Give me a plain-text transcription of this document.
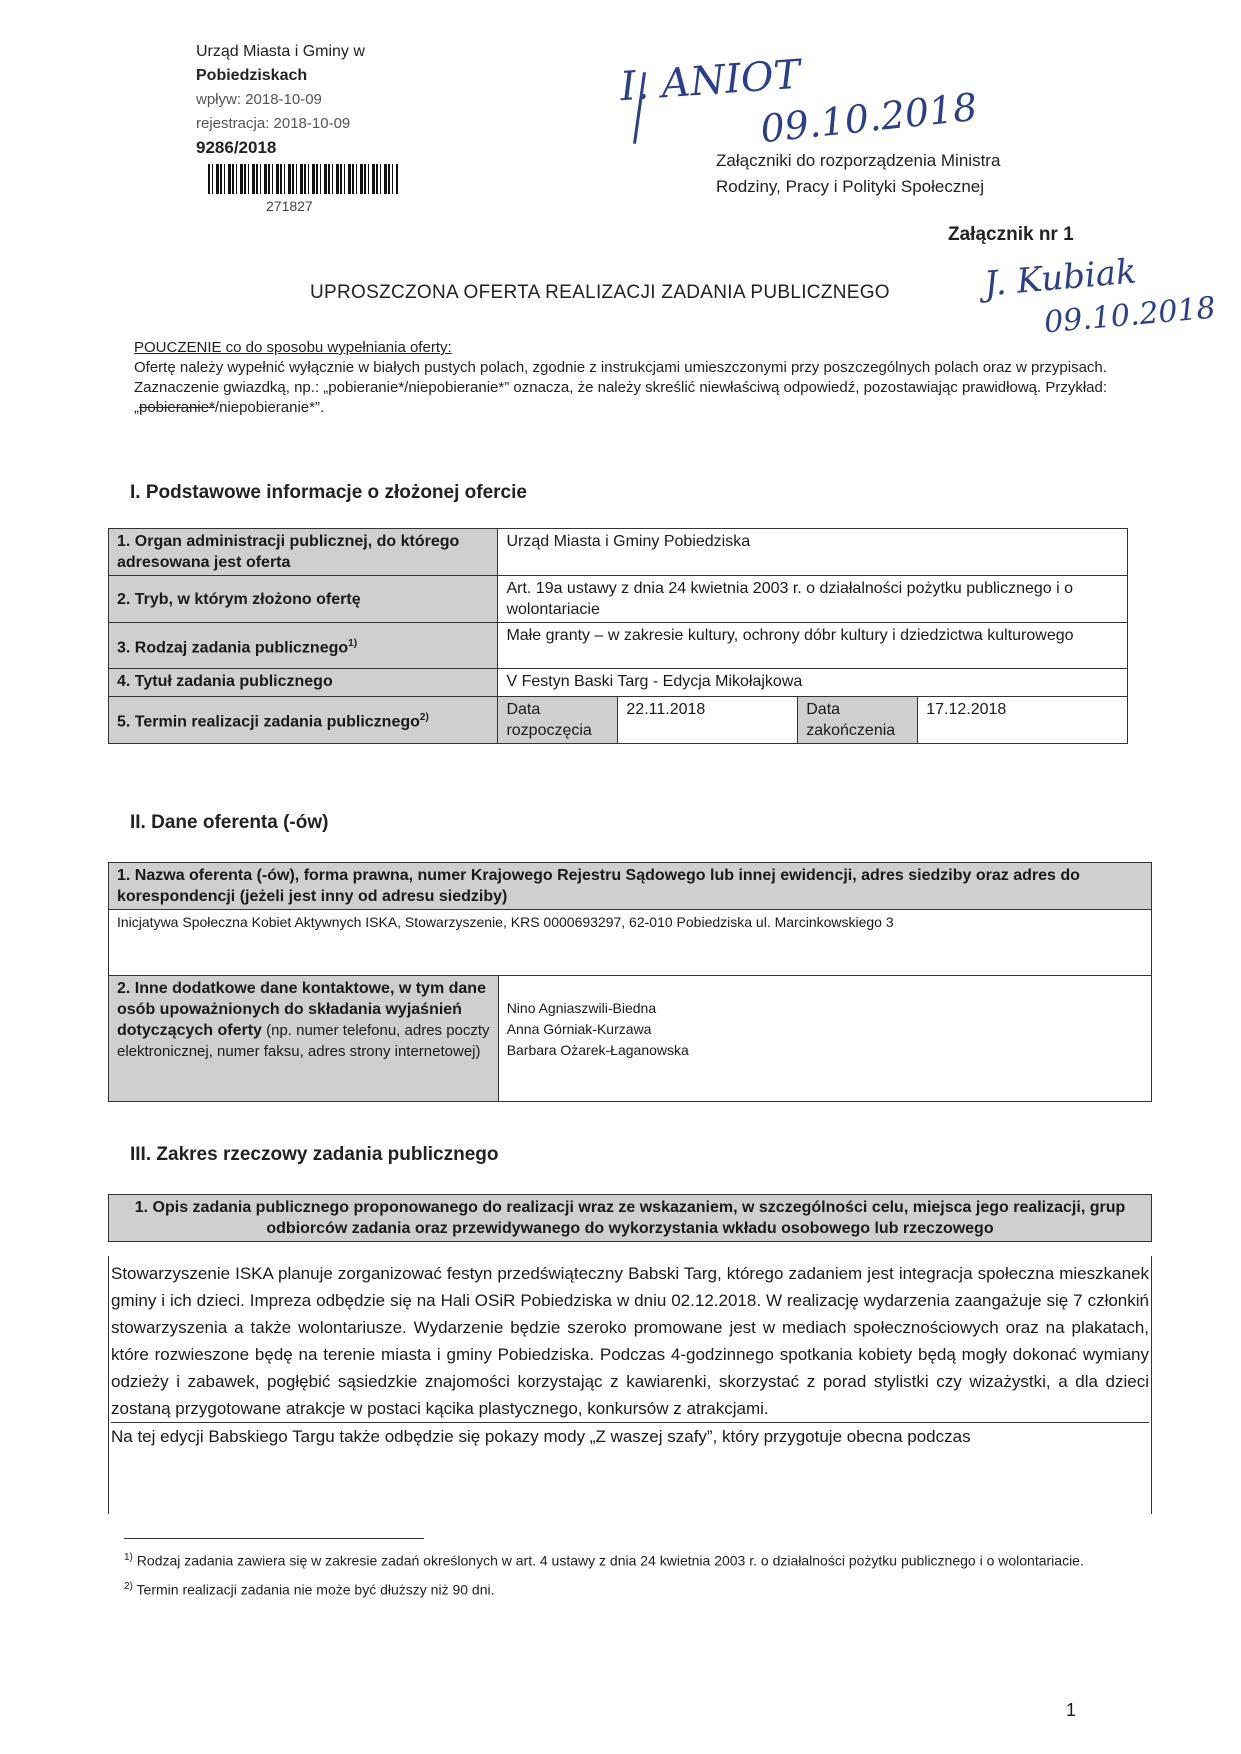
Urząd Miasta i Gminy w
Pobiedziskach
wpływ: 2018-10-09
rejestracja: 2018-10-09
9286/2018
271827
I. ANIOT
09.10.2018
J. Kubiak
09.10.2018
Załączniki do rozporządzenia Ministra
Rodziny, Pracy i Polityki Społecznej
Załącznik nr 1
UPROSZCZONA OFERTA REALIZACJI ZADANIA PUBLICZNEGO
POUCZENIE co do sposobu wypełniania oferty:
Ofertę należy wypełnić wyłącznie w białych pustych polach, zgodnie z instrukcjami umieszczonymi przy poszczególnych polach oraz w przypisach.
Zaznaczenie gwiazdką, np.: „pobieranie*/niepobieranie*” oznacza, że należy skreślić niewłaściwą odpowiedź, pozostawiając prawidłową. Przykład: „pobieranie*/niepobieranie*”.
I. Podstawowe informacje o złożonej ofercie
1. Organ administracji publicznej, do którego adresowana jest oferta	Urząd Miasta i Gminy Pobiedziska			
2. Tryb, w którym złożono ofertę	Art. 19a ustawy z dnia 24 kwietnia 2003 r. o działalności pożytku publicznego i o wolontariacie			
3. Rodzaj zadania publicznego$^{1)}$	Małe granty – w zakresie kultury, ochrony dóbr kultury i dziedzictwa kulturowego			
4. Tytuł zadania publicznego	V Festyn Baski Targ - Edycja Mikołajkowa			
5. Termin realizacji zadania publicznego$^{2)}$	Data rozpoczęcia	22.11.2018	Data zakończenia	17.12.2018
II. Dane oferenta (-ów)
1. Nazwa oferenta (-ów), forma prawna, numer Krajowego Rejestru Sądowego lub innej ewidencji, adres siedziby oraz adres do korespondencji (jeżeli jest inny od adresu siedziby)
Inicjatywa Społeczna Kobiet Aktywnych ISKA, Stowarzyszenie, KRS 0000693297, 62-010 Pobiedziska ul. Marcinkowskiego 3
2. Inne dodatkowe dane kontaktowe, w tym dane osób upoważnionych do składania wyjaśnień dotyczących oferty (np. numer telefonu, adres poczty elektronicznej, numer faksu, adres strony internetowej)	
Nino Agniaszwili-Biedna
Anna Górniak-Kurzawa
Barbara Ożarek-Łaganowska
III. Zakres rzeczowy zadania publicznego
1. Opis zadania publicznego proponowanego do realizacji wraz ze wskazaniem, w szczególności celu, miejsca jego realizacji, grup odbiorców zadania oraz przewidywanego do wykorzystania wkładu osobowego lub rzeczowego
Stowarzyszenie ISKA planuje zorganizować festyn przedświąteczny Babski Targ, którego zadaniem jest integracja społeczna mieszkanek gminy i ich dzieci. Impreza odbędzie się na Hali OSiR Pobiedziska w dniu 02.12.2018. W realizację wydarzenia zaangażuje się 7 członkiń stowarzyszenia a także wolontariusze. Wydarzenie będzie szeroko promowane jest w mediach społecznościowych oraz na plakatach, które rozwieszone będę na terenie miasta i gminy Pobiedziska. Podczas 4-godzinnego spotkania kobiety będą mogły dokonać wymiany odzieży i zabawek, pogłębić sąsiedzkie znajomości korzystając z kawiarenki, skorzystać z porad stylistki czy wizażystki, a dla dzieci zostaną przygotowane atrakcje w postaci kącika plastycznego, konkursów z atrakcjami.
Na tej edycji Babskiego Targu także odbędzie się pokazy mody „Z waszej szafy”, który przygotuje obecna podczas

$^{1)}$ Rodzaj zadania zawiera się w zakresie zadań określonych w art. 4 ustawy z dnia 24 kwietnia 2003 r. o działalności pożytku publicznego i o wolontariacie.

$^{2)}$ Termin realizacji zadania nie może być dłuższy niż 90 dni.

1
